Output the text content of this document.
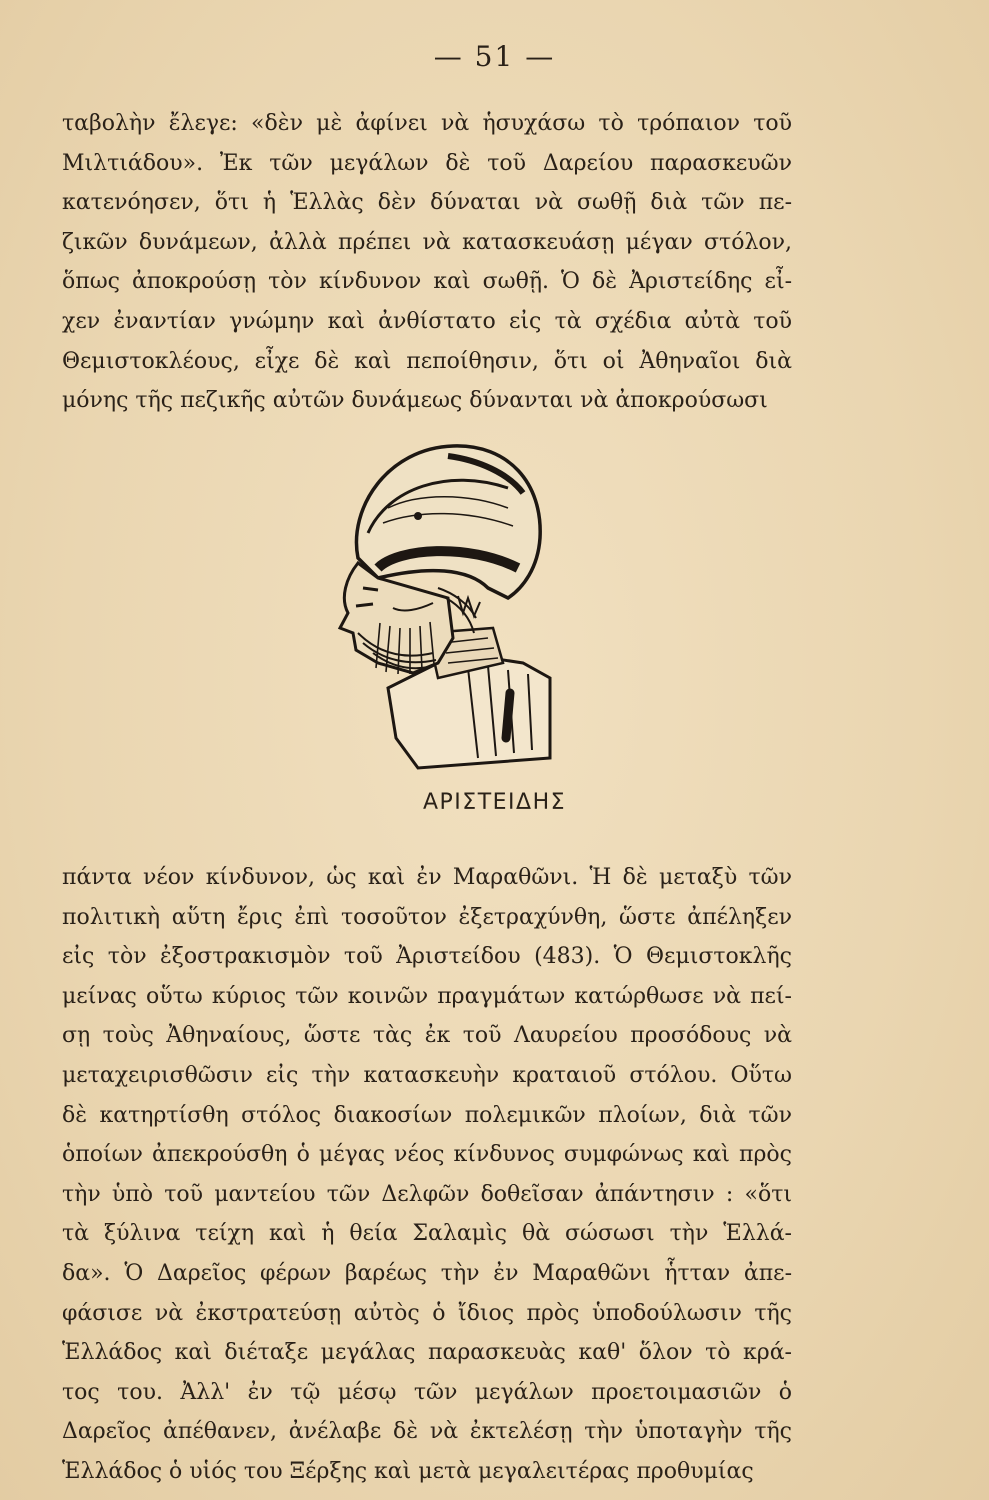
— 51 —
ταβολὴν ἔλεγε: «δὲν μὲ ἀφίνει νὰ ἡσυχάσω τὸ τρόπαιον τοῦ
Μιλτιάδου». Ἐκ τῶν μεγάλων δὲ τοῦ Δαρείου παρασκευῶν
κατενόησεν, ὅτι ἡ Ἑλλὰς δὲν δύναται νὰ σωθῇ διὰ τῶν πε-
ζικῶν δυνάμεων, ἀλλὰ πρέπει νὰ κατασκευάσῃ μέγαν στόλον,
ὅπως ἀποκρούσῃ τὸν κίνδυνον καὶ σωθῇ. Ὁ δὲ Ἀριστείδης εἶ-
χεν ἐναντίαν γνώμην καὶ ἀνθίστατο εἰς τὰ σχέδια αὐτὰ τοῦ
Θεμιστοκλέους, εἶχε δὲ καὶ πεποίθησιν, ὅτι οἱ Ἀθηναῖοι διὰ
μόνης τῆς πεζικῆς αὐτῶν δυνάμεως δύνανται νὰ ἀποκρούσωσι
ΑΡΙΣΤΕΙΔΗΣ
πάντα νέον κίνδυνον, ὡς καὶ ἐν Μαραθῶνι. Ἡ δὲ μεταξὺ τῶν
πολιτικὴ αὕτη ἔρις ἐπὶ τοσοῦτον ἐξετραχύνθη, ὥστε ἀπέληξεν
εἰς τὸν ἐξοστρακισμὸν τοῦ Ἀριστείδου (483). Ὁ Θεμιστοκλῆς
μείνας οὕτω κύριος τῶν κοινῶν πραγμάτων κατώρθωσε νὰ πεί-
σῃ τοὺς Ἀθηναίους, ὥστε τὰς ἐκ τοῦ Λαυρείου προσόδους νὰ
μεταχειρισθῶσιν εἰς τὴν κατασκευὴν κραταιοῦ στόλου. Οὕτω
δὲ κατηρτίσθη στόλος διακοσίων πολεμικῶν πλοίων, διὰ τῶν
ὁποίων ἀπεκρούσθη ὁ μέγας νέος κίνδυνος συμφώνως καὶ πρὸς
τὴν ὑπὸ τοῦ μαντείου τῶν Δελφῶν δοθεῖσαν ἀπάντησιν : «ὅτι
τὰ ξύλινα τείχη καὶ ἡ θεία Σαλαμὶς θὰ σώσωσι τὴν Ἑλλά-
δα». Ὁ Δαρεῖος φέρων βαρέως τὴν ἐν Μαραθῶνι ἧτταν ἀπε-
φάσισε νὰ ἐκστρατεύσῃ αὐτὸς ὁ ἴδιος πρὸς ὑποδούλωσιν τῆς
Ἑλλάδος καὶ διέταξε μεγάλας παρασκευὰς καθ' ὅλον τὸ κρά-
τος του. Ἀλλ' ἐν τῷ μέσῳ τῶν μεγάλων προετοιμασιῶν ὁ
Δαρεῖος ἀπέθανεν, ἀνέλαβε δὲ νὰ ἐκτελέσῃ τὴν ὑποταγὴν τῆς
Ἑλλάδος ὁ υἱός του Ξέρξης καὶ μετὰ μεγαλειτέρας προθυμίας
